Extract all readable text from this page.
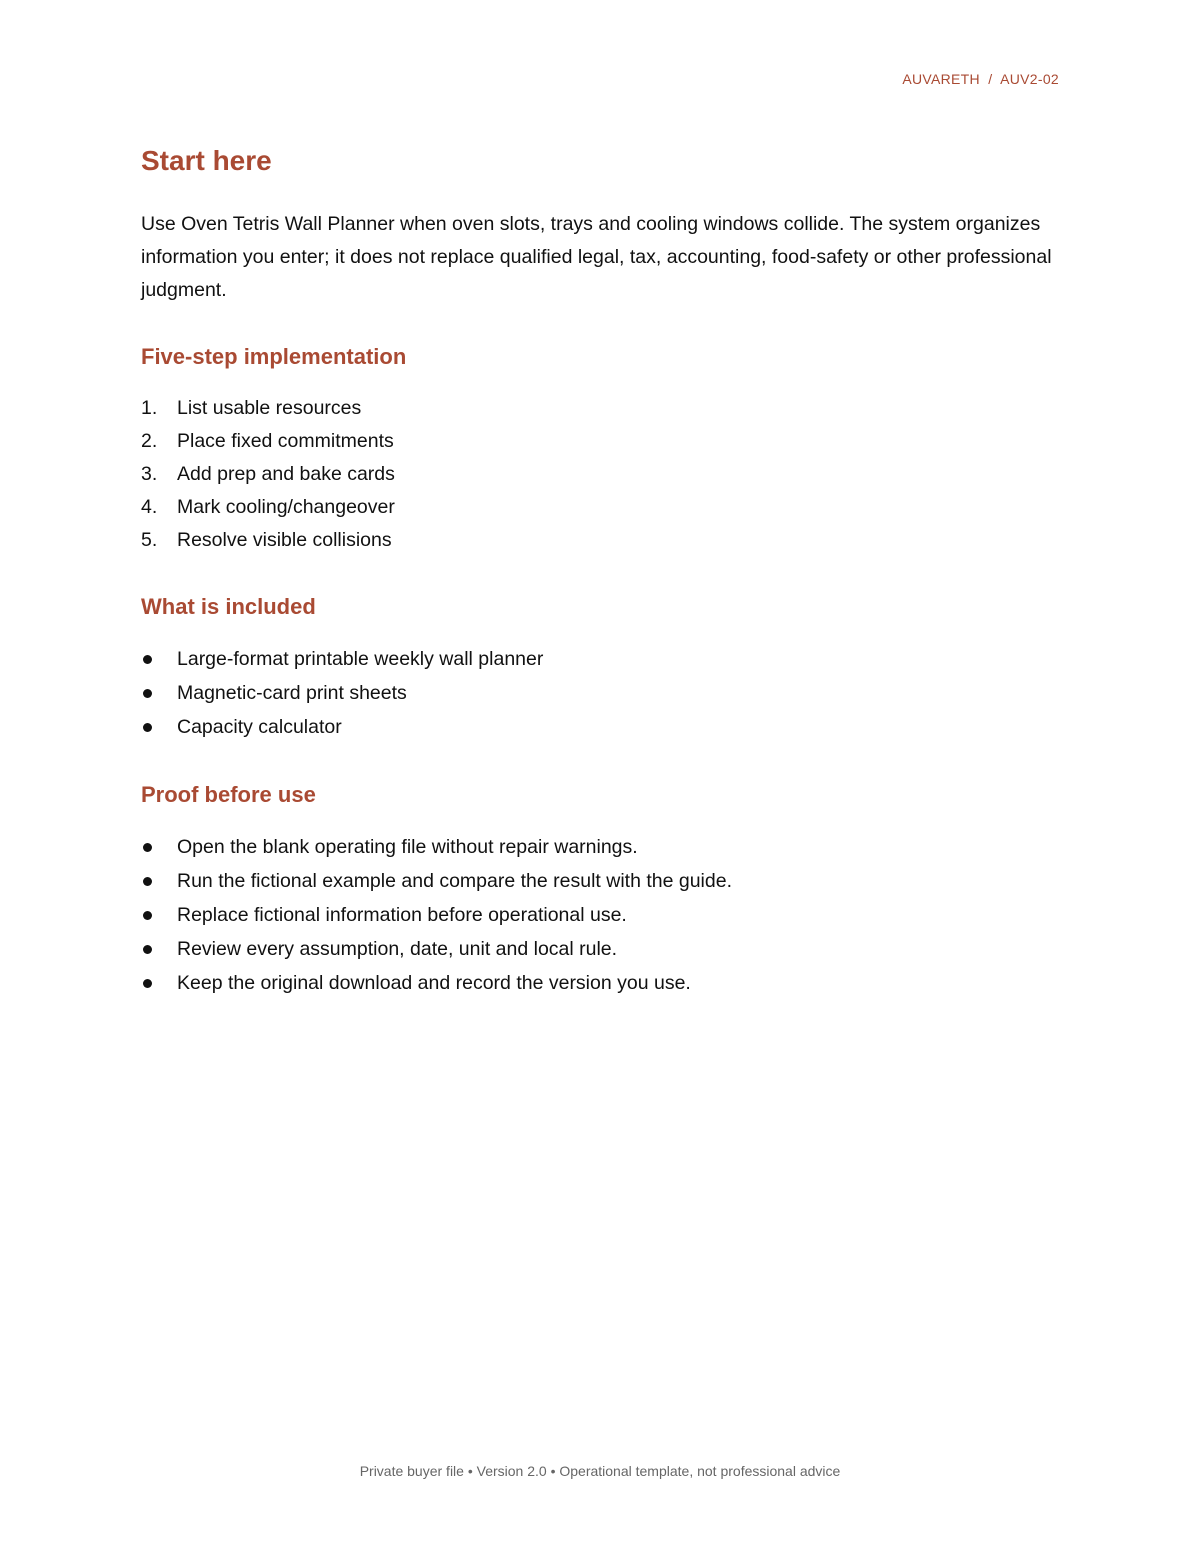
AUVARETH  /  AUV2-02
Start here

Use Oven Tetris Wall Planner when oven slots, trays and cooling windows collide. The system organizes information you enter; it does not replace qualified legal, tax, accounting, food-safety or other professional judgment.

Five-step implementation
1. List usable resources
2. Place fixed commitments
3. Add prep and bake cards
4. Mark cooling/changeover
5. Resolve visible collisions
What is included
Large-format printable weekly wall planner
Magnetic-card print sheets
Capacity calculator
Proof before use
Open the blank operating file without repair warnings.
Run the fictional example and compare the result with the guide.
Replace fictional information before operational use.
Review every assumption, date, unit and local rule.
Keep the original download and record the version you use.
Private buyer file • Version 2.0 • Operational template, not professional advice
